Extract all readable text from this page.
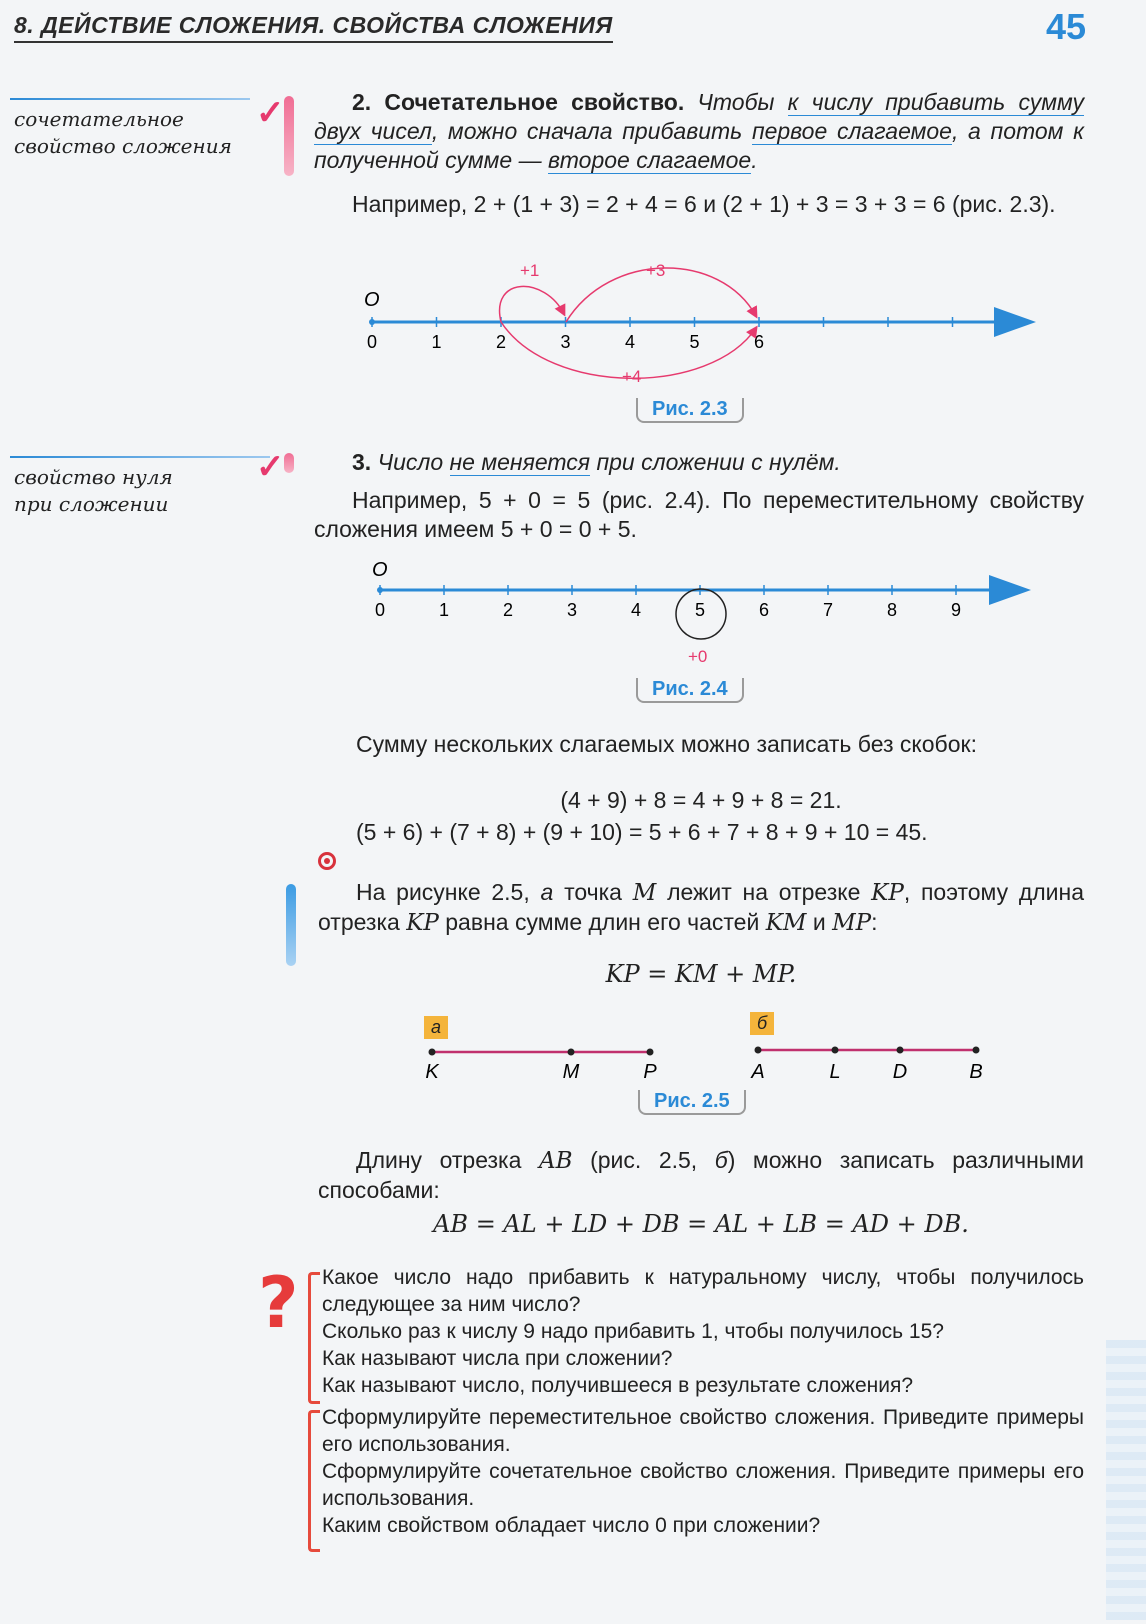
8. ДЕЙСТВИЕ СЛОЖЕНИЯ. СВОЙСТВА СЛОЖЕНИЯ	45
сочетательное
свойство сложения
✓	2. Сочетательное свойство. Чтобы к числу прибавить сумму двух чисел, можно сначала прибавить первое слагаемое, а потом к полученной сумме — второе слагаемое.
Например, 2 + (1 + 3) = 2 + 4 = 6 и (2 + 1) + 3 = 3 + 3 = 6 (рис. 2.3).
O
0	1	2	3	4	5	6
+1	+3
+4
Рис. 2.3
свойство нуля
при сложении
✓	3. Число не меняется при сложении с нулём.
Например, 5 + 0 = 5 (рис. 2.4). По переместительному свойству сложения имеем 5 + 0 = 0 + 5.
O
0	1	2	3	4	5	6	7	8	9
+0
Рис. 2.4
Сумму нескольких слагаемых можно записать без скобок:
(4 + 9) + 8 = 4 + 9 + 8 = 21.
(5 + 6) + (7 + 8) + (9 + 10) = 5 + 6 + 7 + 8 + 9 + 10 = 45.
На рисунке 2.5, а точка M лежит на отрезке KP, поэтому длина отрезка KP равна сумме длин его частей KM и MP:
KP = KM + MP.
а	б
K	M	P	A	L	D	B
Рис. 2.5
Длину отрезка AB (рис. 2.5, б) можно записать различными способами:
AB = AL + LD + DB = AL + LB = AD + DB.
? Какое число надо прибавить к натуральному числу, чтобы получилось следующее за ним число?
Сколько раз к числу 9 надо прибавить 1, чтобы получилось 15?
Как называют числа при сложении?
Как называют число, получившееся в результате сложения?
Сформулируйте переместительное свойство сложения. Приведите примеры его использования.
Сформулируйте сочетательное свойство сложения. Приведите примеры его использования.
Каким свойством обладает число 0 при сложении?
